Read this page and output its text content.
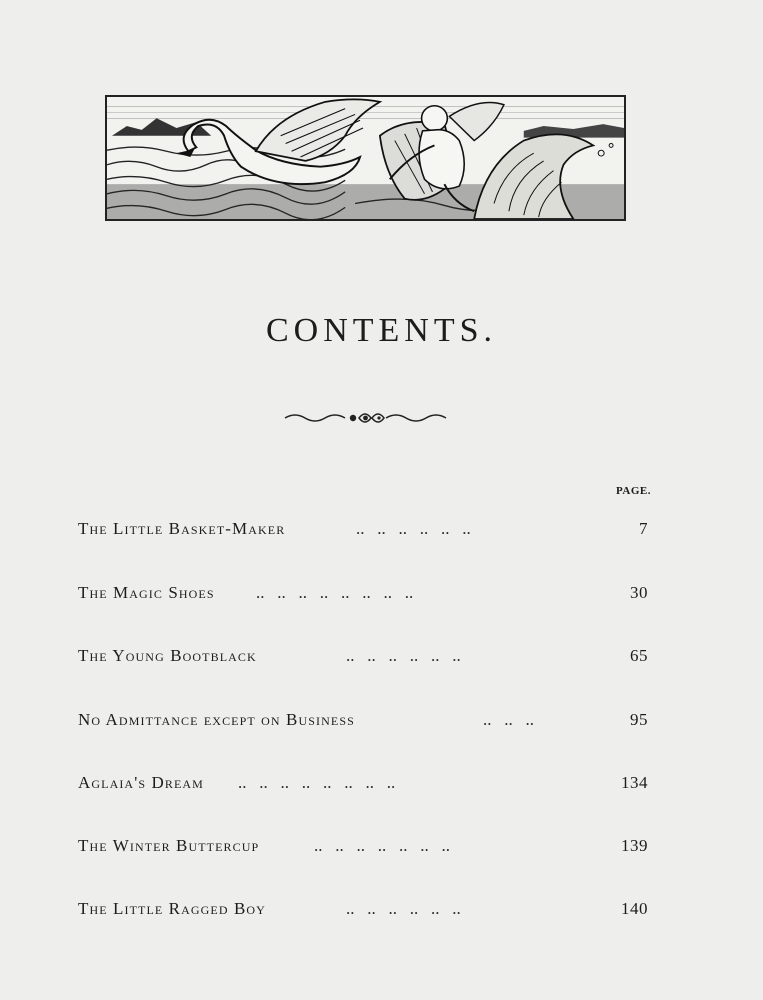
CONTENTS.
PAGE.
The Little Basket-Maker	..   ..   ..   ..   ..   ..	7
The Magic Shoes ..   ..   ..   ..   ..   ..   ..   ..	30
The Young Bootblack	..   ..   ..   ..   ..   ..	65
No Admittance except on Business	..   ..   ..	95
Aglaia's Dream ..   ..   ..   ..   ..   ..   ..   ..	134
The Winter Buttercup	..   ..   ..   ..   ..   ..   ..	139
The Little Ragged Boy	..   ..   ..   ..   ..   ..	140
